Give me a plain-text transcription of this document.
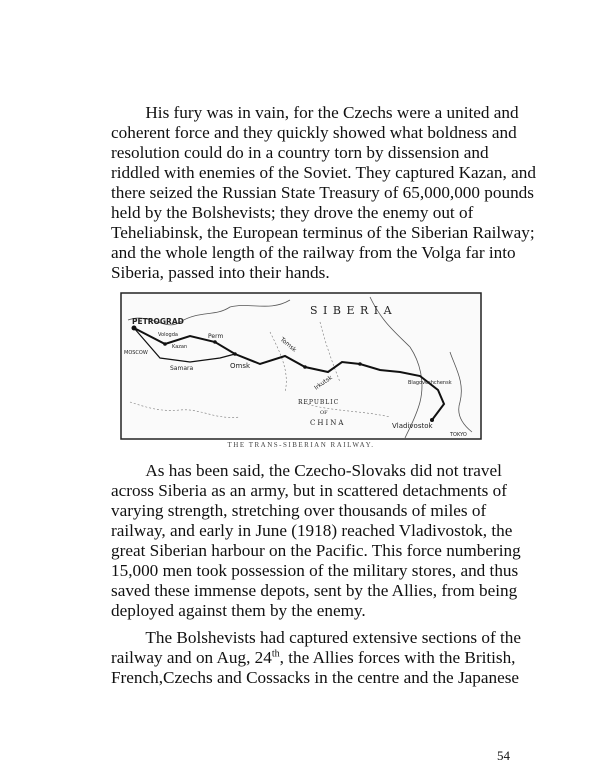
  His fury was in vain, for the Czechs were a united and
coherent force and they quickly showed what boldness and
resolution could do in a country torn by dissension and
riddled with enemies of the Soviet. They captured Kazan, and
there seized the Russian State Treasury of 65,000,000 pounds
held by the Bolshevists; they drove the enemy out of
Teheliabinsk, the European terminus of the Siberian Railway;
and the whole length of the railway from the Volga far into
Siberia, passed into their hands.

S I B E R I A
PETROGRAD
Vologda	Perm
Kazan
MOSCOW
Samara	Omsk
Tomsk
Irkutsk
REPUBLIC
OF
CHINA
Blagoveshchensk
Vladivostok
TOKYO
THE TRANS-SIBERIAN RAILWAY.

  As has been said, the Czecho-Slovaks did not travel
across Siberia as an army, but in scattered detachments of
varying strength, stretching over thousands of miles of
railway, and early in June (1918) reached Vladivostok, the
great Siberian harbour on the Pacific. This force numbering
15,000 men took possession of the military stores, and thus
saved these immense depots, sent by the Allies, from being
deployed against them by the enemy.

  The Bolshevists had captured extensive sections of the
railway and on Aug, 24th, the Allies forces with the British,
French,Czechs and Cossacks in the centre and the Japanese

54
